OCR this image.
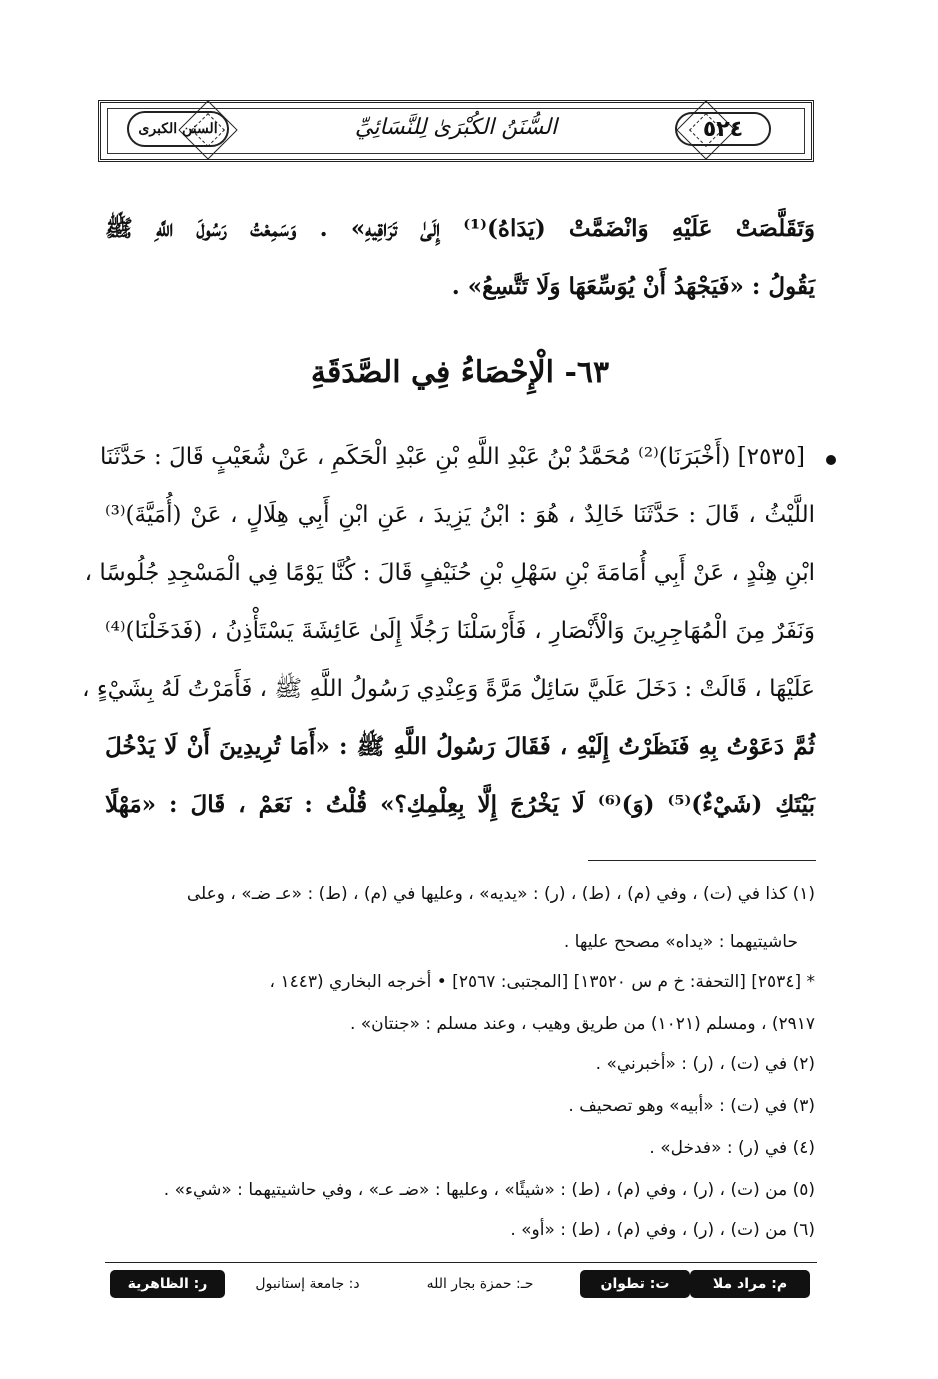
السنن الكبرى	السُّنَنُ الكُبْرَىٰ لِلنَّسَائِيِّ	٥٢٤
وَتَقَلَّصَتْ عَلَيْهِ وَانْضَمَّتْ (يَدَاهُ)⁽¹⁾ إِلَىٰ تَرَاقِيهِ» . وَسَمِعْتُ رَسُولَ اللَّهِ ﷺ
يَقُولُ : «فَيَجْهَدُ أَنْ يُوَسِّعَهَا وَلَا تَتَّسِعُ» .
٦٣- الْإِحْصَاءُ فِي الصَّدَقَةِ
[٢٥٣٥] (أَخْبَرَنَا)⁽²⁾ مُحَمَّدُ بْنُ عَبْدِ اللَّهِ بْنِ عَبْدِ الْحَكَمِ ، عَنْ شُعَيْبٍ قَالَ : حَدَّثَنَا
اللَّيْثُ ، قَالَ : حَدَّثَنَا خَالِدٌ ، هُوَ : ابْنُ يَزِيدَ ، عَنِ ابْنِ أَبِي هِلَالٍ ، عَنْ (أُمَيَّةَ)⁽³⁾
ابْنِ هِنْدٍ ، عَنْ أَبِي أُمَامَةَ بْنِ سَهْلِ بْنِ حُنَيْفٍ قَالَ : كُنَّا يَوْمًا فِي الْمَسْجِدِ جُلُوسًا ،
وَنَفَرٌ مِنَ الْمُهَاجِرِينَ وَالْأَنْصَارِ ، فَأَرْسَلْنَا رَجُلًا إِلَىٰ عَائِشَةَ يَسْتَأْذِنُ ، (فَدَخَلْنَا)⁽⁴⁾
عَلَيْهَا ، قَالَتْ : دَخَلَ عَلَيَّ سَائِلٌ مَرَّةً وَعِنْدِي رَسُولُ اللَّهِ ﷺ ، فَأَمَرْتُ لَهُ بِشَيْءٍ ،
ثُمَّ دَعَوْتُ بِهِ فَنَظَرْتُ إِلَيْهِ ، فَقَالَ رَسُولُ اللَّهِ ﷺ : «أَمَا تُرِيدِينَ أَنْ لَا يَدْخُلَ
بَيْتَكِ (شَيْءٌ)⁽⁵⁾ (وَ)⁽⁶⁾ لَا يَخْرُجَ إِلَّا بِعِلْمِكِ؟» قُلْتُ : نَعَمْ ، قَالَ : «مَهْلًا
(١) كذا في (ت) ، وفي (م) ، (ط) ، (ر) : «يديه» ، وعليها في (م) ، (ط) : «عـ ضـ» ، وعلى
حاشيتيهما : «يداه» مصحح عليها .
* [٢٥٣٤] [التحفة: خ م س ١٣٥٢٠] [المجتبى: ٢٥٦٧] • أخرجه البخاري (١٤٤٣ ،
٢٩١٧) ، ومسلم (١٠٢١) من طريق وهيب ، وعند مسلم : «جنتان» .
(٢) في (ت) ، (ر) : «أخبرني» .
(٣) في (ت) : «أبيه» وهو تصحيف .
(٤) في (ر) : «فدخل» .
(٥) من (ت) ، (ر) ، وفي (م) ، (ط) : «شيئًا» ، وعليها : «ضـ عـ» ، وفي حاشيتيهما : «شيء» .
(٦) من (ت) ، (ر) ، وفي (م) ، (ط) : «أو» .
م: مراد ملا
ت: تطوان
حـ: حمزة بجار الله
د: جامعة إستانبول
ر: الظاهرية
